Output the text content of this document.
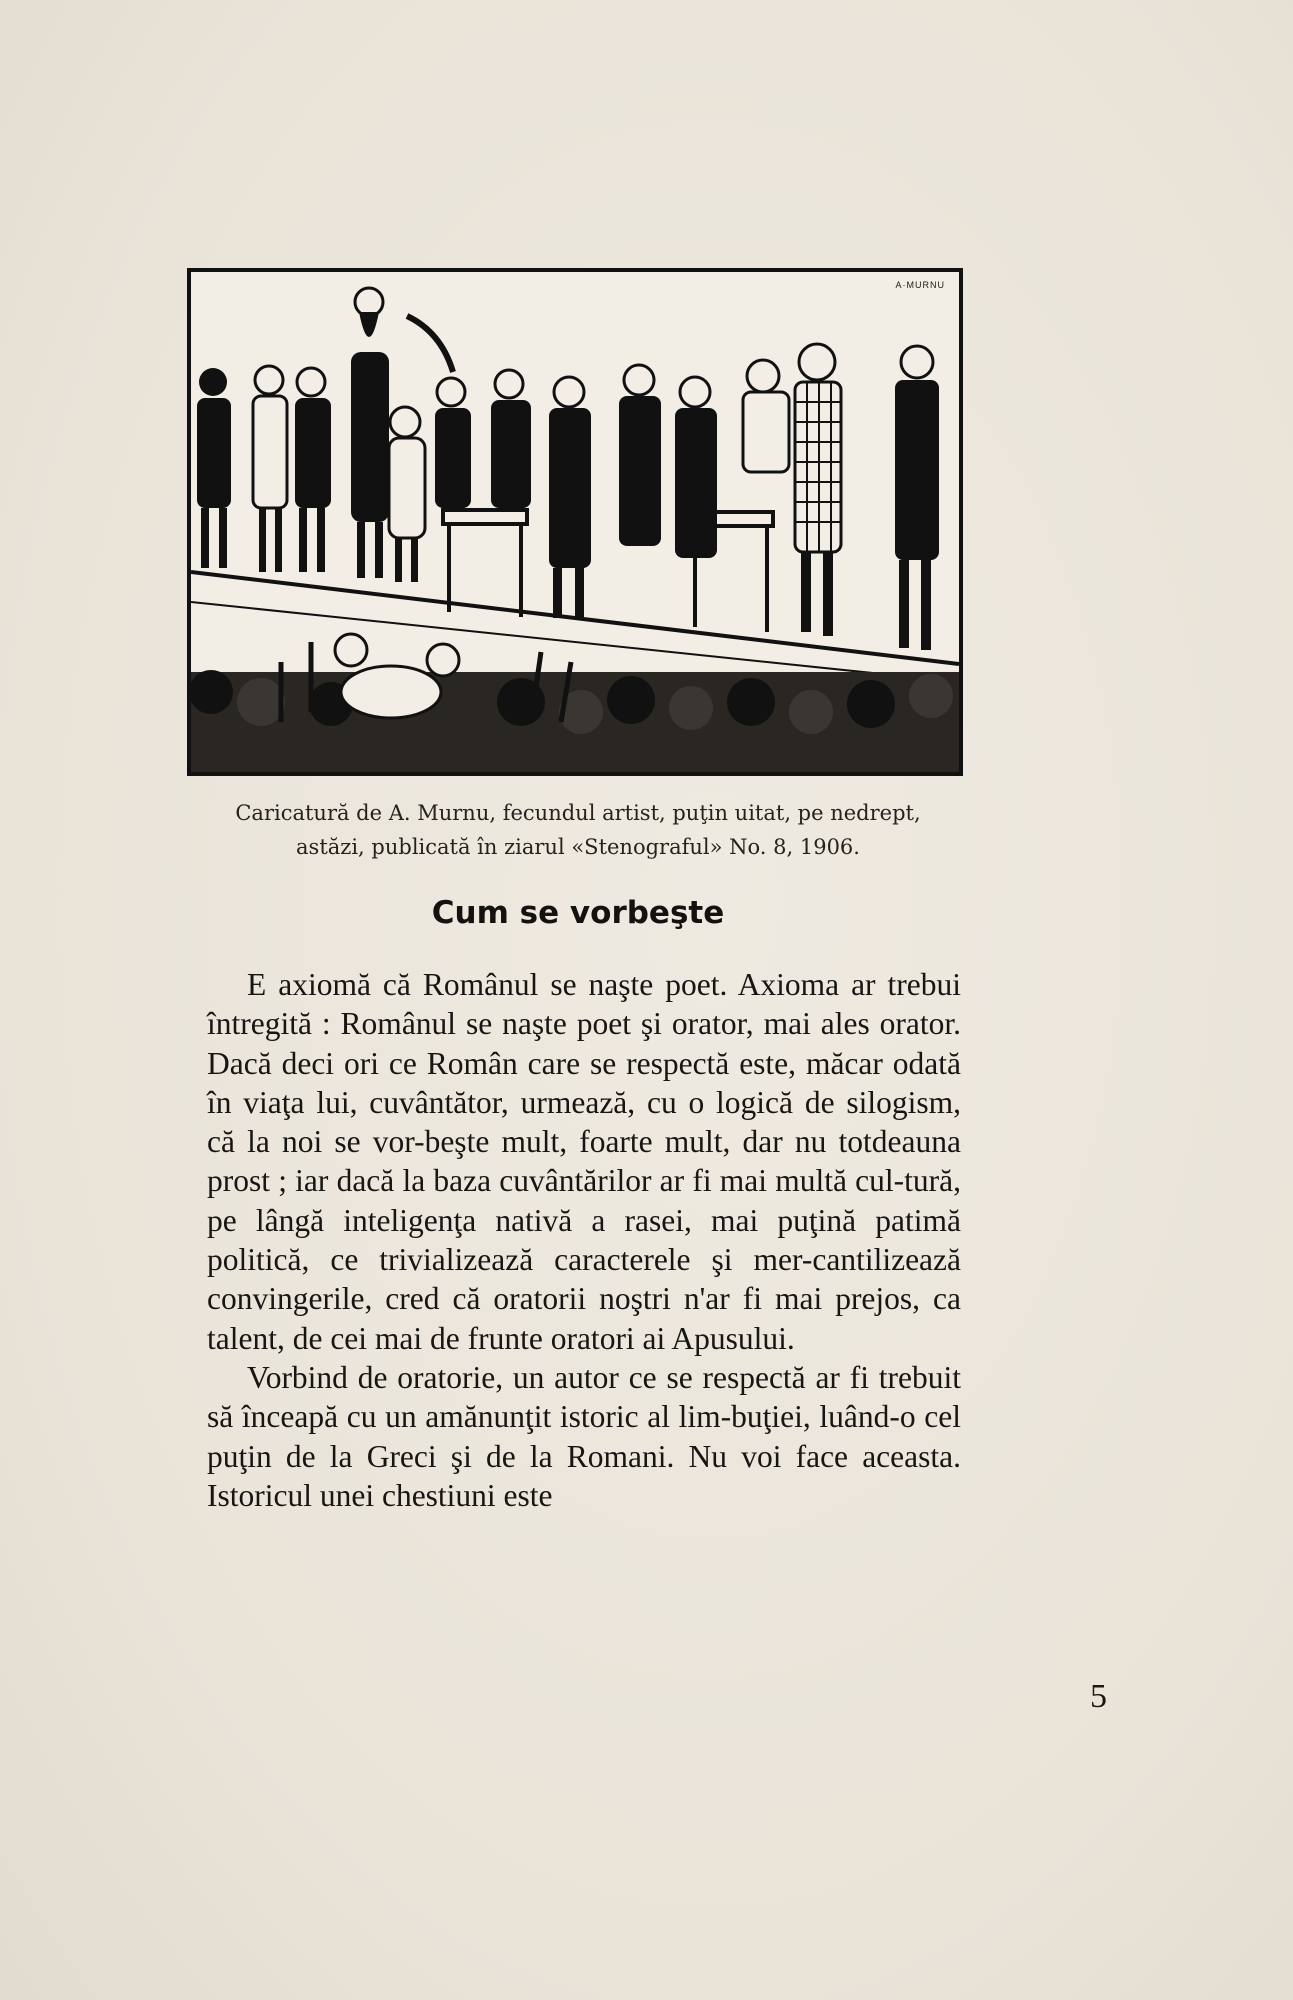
A·MURNU
Caricatură de A. Murnu, fecundul artist, puţin uitat, pe nedrept,
astăzi, publicată în ziarul «Stenograful» No. 8, 1906.
Cum se vorbeşte

E axiomă că Românul se naşte poet. Axioma ar trebui întregită : Românul se naşte poet şi orator, mai ales orator. Dacă deci ori ce Român care se respectă este, măcar odată în viaţa lui, cuvântător, urmează, cu o logică de silogism, că la noi se vor-beşte mult, foarte mult, dar nu totdeauna prost ; iar dacă la baza cuvântărilor ar fi mai multă cul-tură, pe lângă inteligenţa nativă a rasei, mai puţină patimă politică, ce trivializează caracterele şi mer-cantilizează convingerile, cred că oratorii noştri n'ar fi mai prejos, ca talent, de cei mai de frunte oratori ai Apusului.

Vorbind de oratorie, un autor ce se respectă ar fi trebuit să înceapă cu un amănunţit istoric al lim-buţiei, luând-o cel puţin de la Greci şi de la Romani. Nu voi face aceasta. Istoricul unei chestiuni este

5
